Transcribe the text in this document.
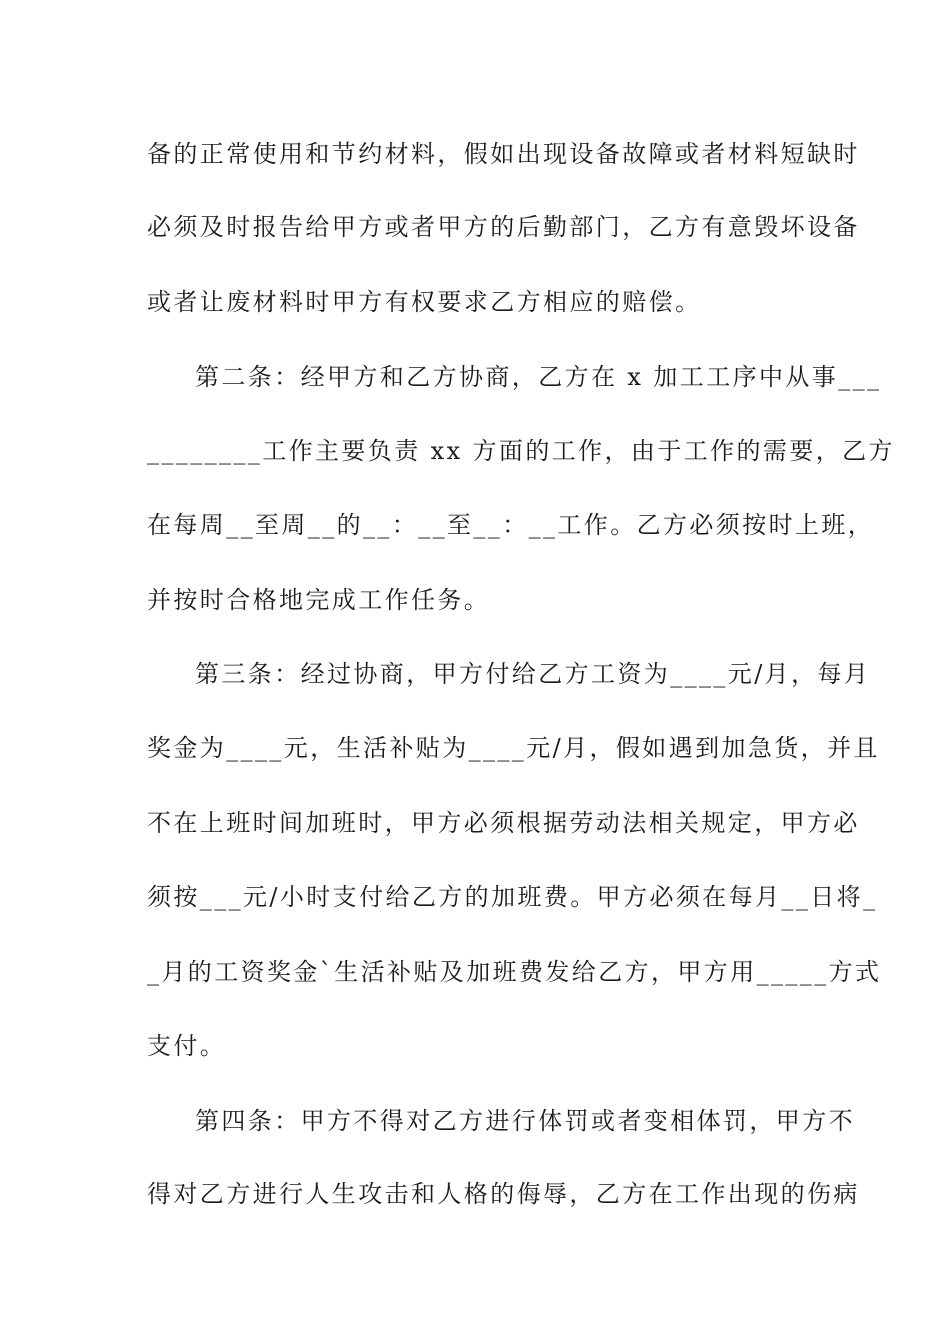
备的正常使用和节约材料，假如出现设备故障或者材料短缺时
必须及时报告给甲方或者甲方的后勤部门，乙方有意毁坏设备
或者让废材料时甲方有权要求乙方相应的赔偿。
第二条：经甲方和乙方协商，乙方在 x 加工工序中从事___
________工作主要负责 xx 方面的工作，由于工作的需要，乙方
在每周__至周__的__：__至__：__工作。乙方必须按时上班，
并按时合格地完成工作任务。
第三条：经过协商，甲方付给乙方工资为____元/月，每月
奖金为____元，生活补贴为____元/月，假如遇到加急货，并且
不在上班时间加班时，甲方必须根据劳动法相关规定，甲方必
须按___元/小时支付给乙方的加班费。甲方必须在每月__日将_
_月的工资奖金`生活补贴及加班费发给乙方，甲方用_____方式
支付。
第四条：甲方不得对乙方进行体罚或者变相体罚，甲方不
得对乙方进行人生攻击和人格的侮辱，乙方在工作出现的伤病
